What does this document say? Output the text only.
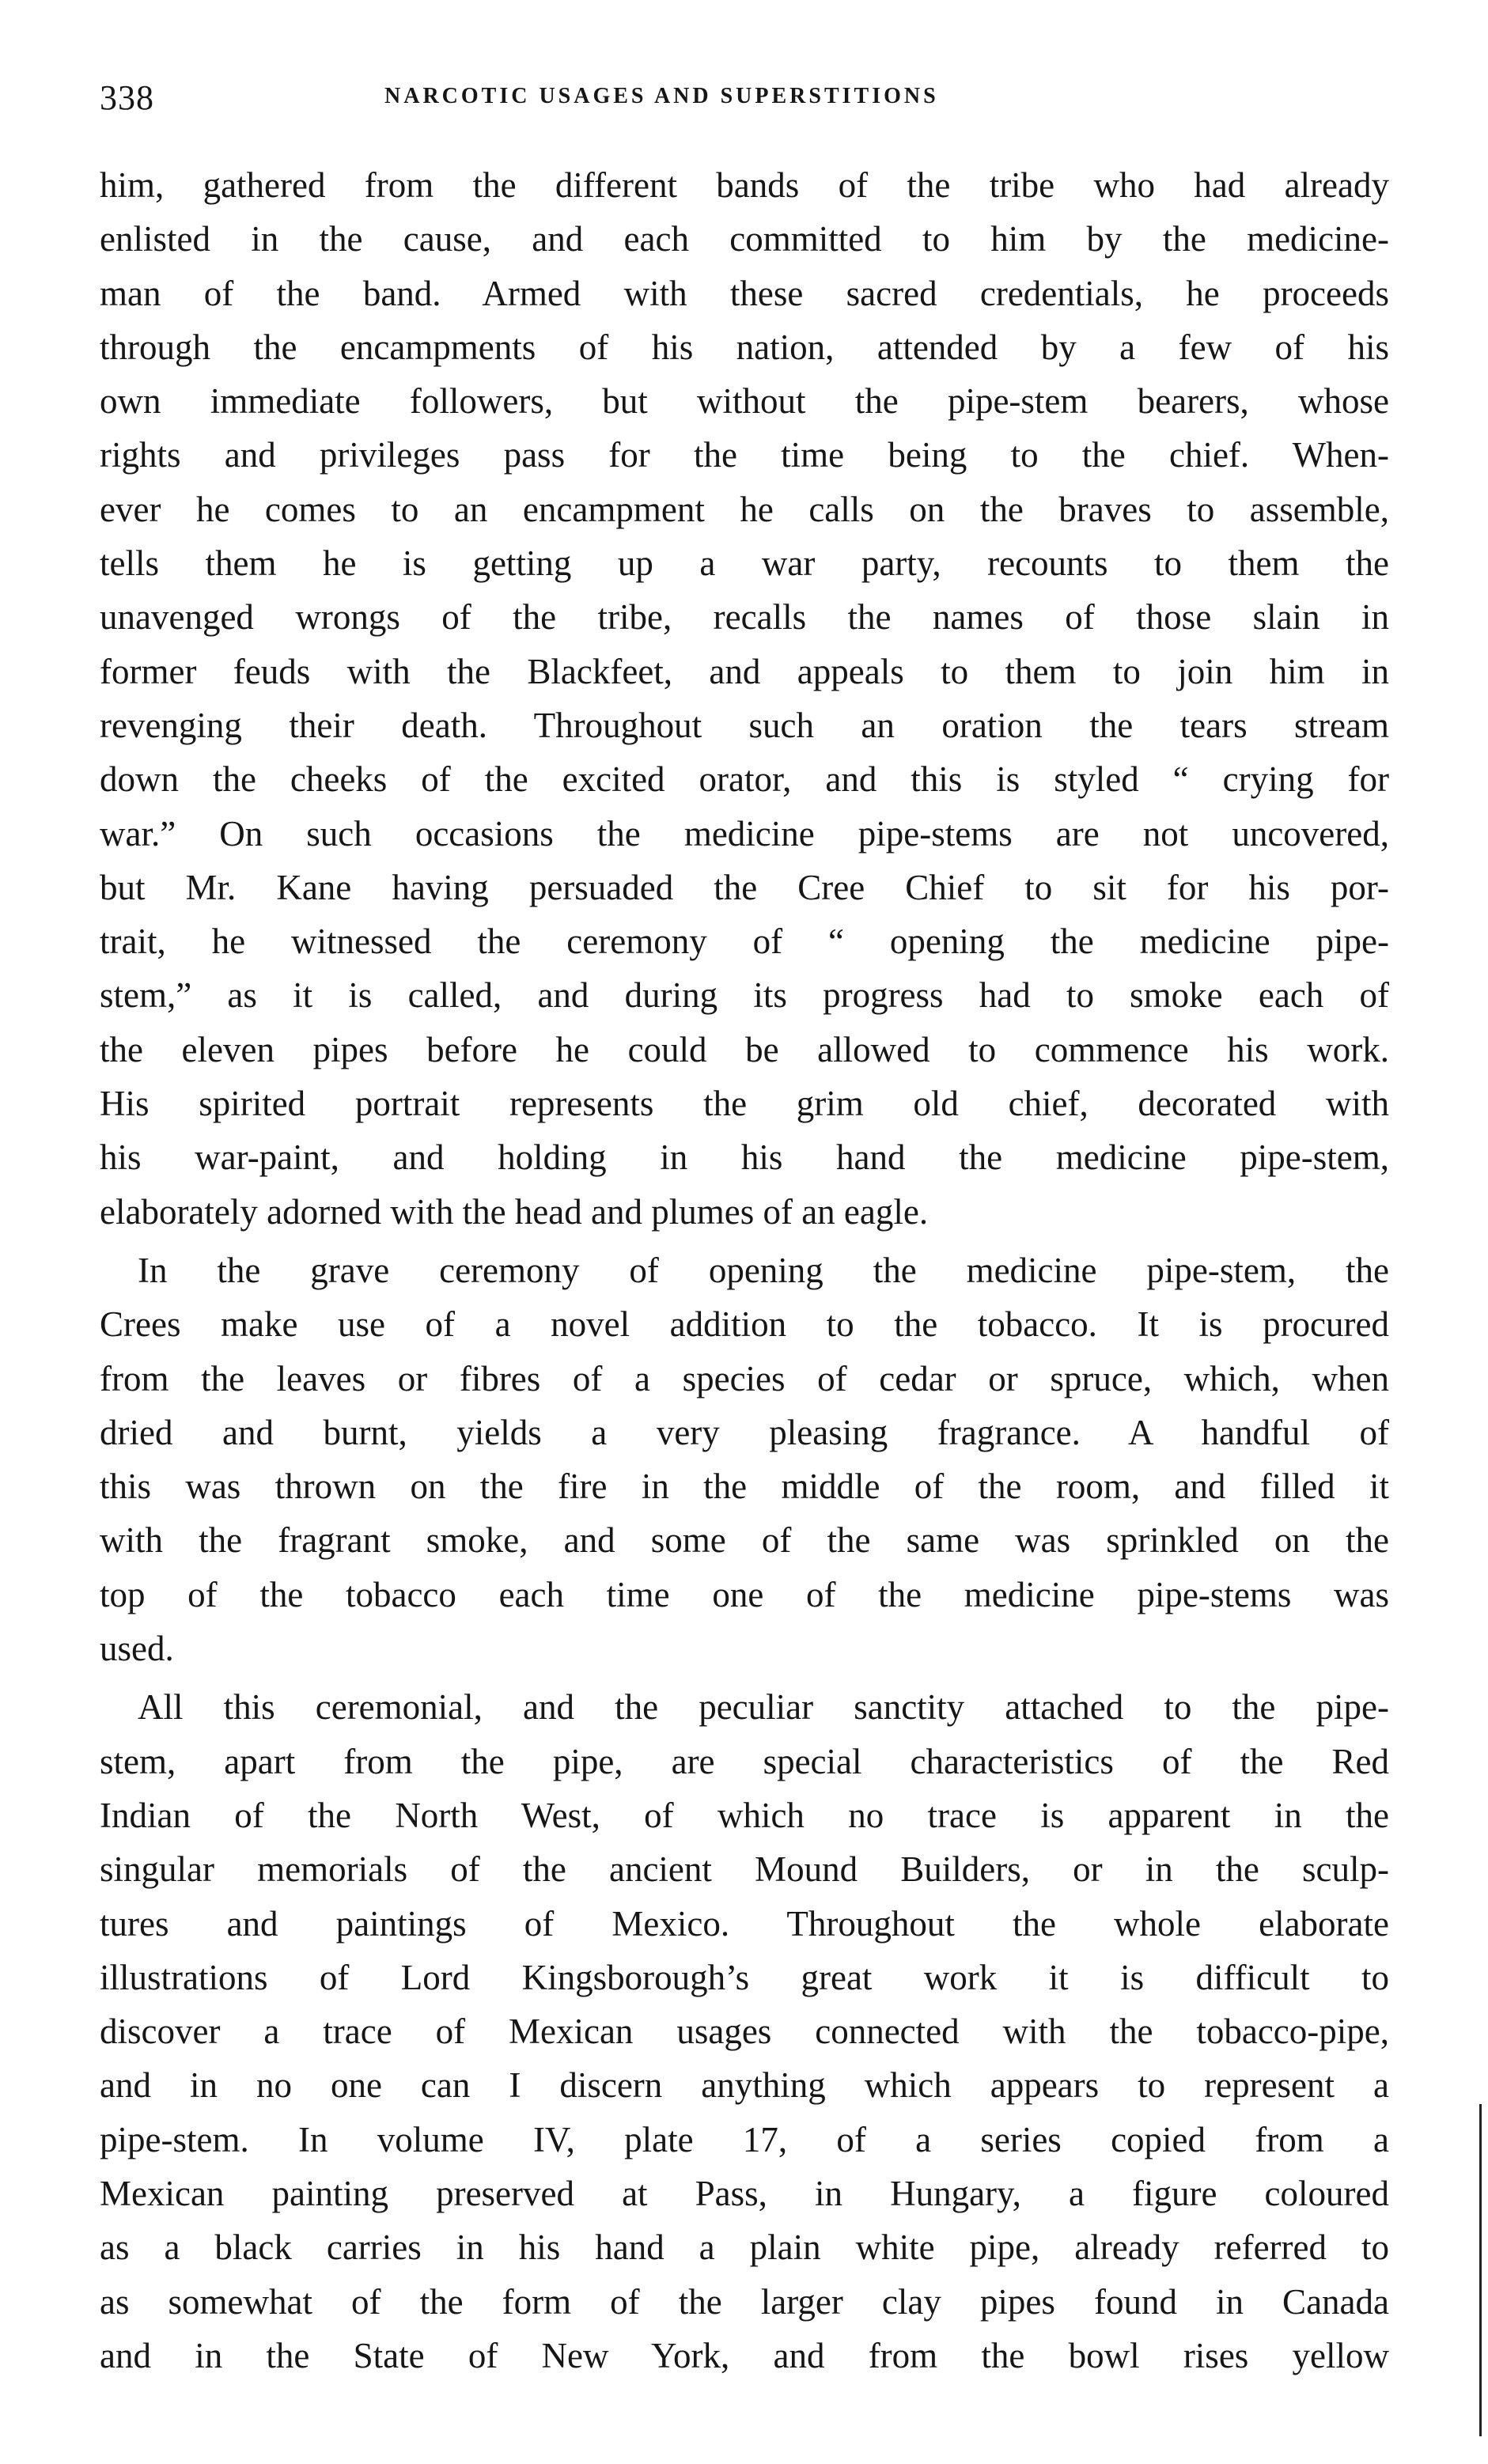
338	NARCOTIC USAGES AND SUPERSTITIONS
him, gathered from the different bands of the tribe who had already
enlisted in the cause, and each committed to him by the medicine-
man of the band. Armed with these sacred credentials, he proceeds
through the encampments of his nation, attended by a few of his
own immediate followers, but without the pipe-stem bearers, whose
rights and privileges pass for the time being to the chief. When-
ever he comes to an encampment he calls on the braves to assemble,
tells them he is getting up a war party, recounts to them the
unavenged wrongs of the tribe, recalls the names of those slain in
former feuds with the Blackfeet, and appeals to them to join him in
revenging their death. Throughout such an oration the tears stream
down the cheeks of the excited orator, and this is styled “ crying for
war.” On such occasions the medicine pipe-stems are not uncovered,
but Mr. Kane having persuaded the Cree Chief to sit for his por-
trait, he witnessed the ceremony of “ opening the medicine pipe-
stem,” as it is called, and during its progress had to smoke each of
the eleven pipes before he could be allowed to commence his work.
His spirited portrait represents the grim old chief, decorated with
his war-paint, and holding in his hand the medicine pipe-stem,
elaborately adorned with the head and plumes of an eagle.
In the grave ceremony of opening the medicine pipe-stem, the
Crees make use of a novel addition to the tobacco. It is procured
from the leaves or fibres of a species of cedar or spruce, which, when
dried and burnt, yields a very pleasing fragrance. A handful of
this was thrown on the fire in the middle of the room, and filled it
with the fragrant smoke, and some of the same was sprinkled on the
top of the tobacco each time one of the medicine pipe-stems was
used.
All this ceremonial, and the peculiar sanctity attached to the pipe-
stem, apart from the pipe, are special characteristics of the Red
Indian of the North West, of which no trace is apparent in the
singular memorials of the ancient Mound Builders, or in the sculp-
tures and paintings of Mexico. Throughout the whole elaborate
illustrations of Lord Kingsborough’s great work it is difficult to
discover a trace of Mexican usages connected with the tobacco-pipe,
and in no one can I discern anything which appears to represent a
pipe-stem. In volume IV, plate 17, of a series copied from a
Mexican painting preserved at Pass, in Hungary, a figure coloured
as a black carries in his hand a plain white pipe, already referred to
as somewhat of the form of the larger clay pipes found in Canada
and in the State of New York, and from the bowl rises yellow
